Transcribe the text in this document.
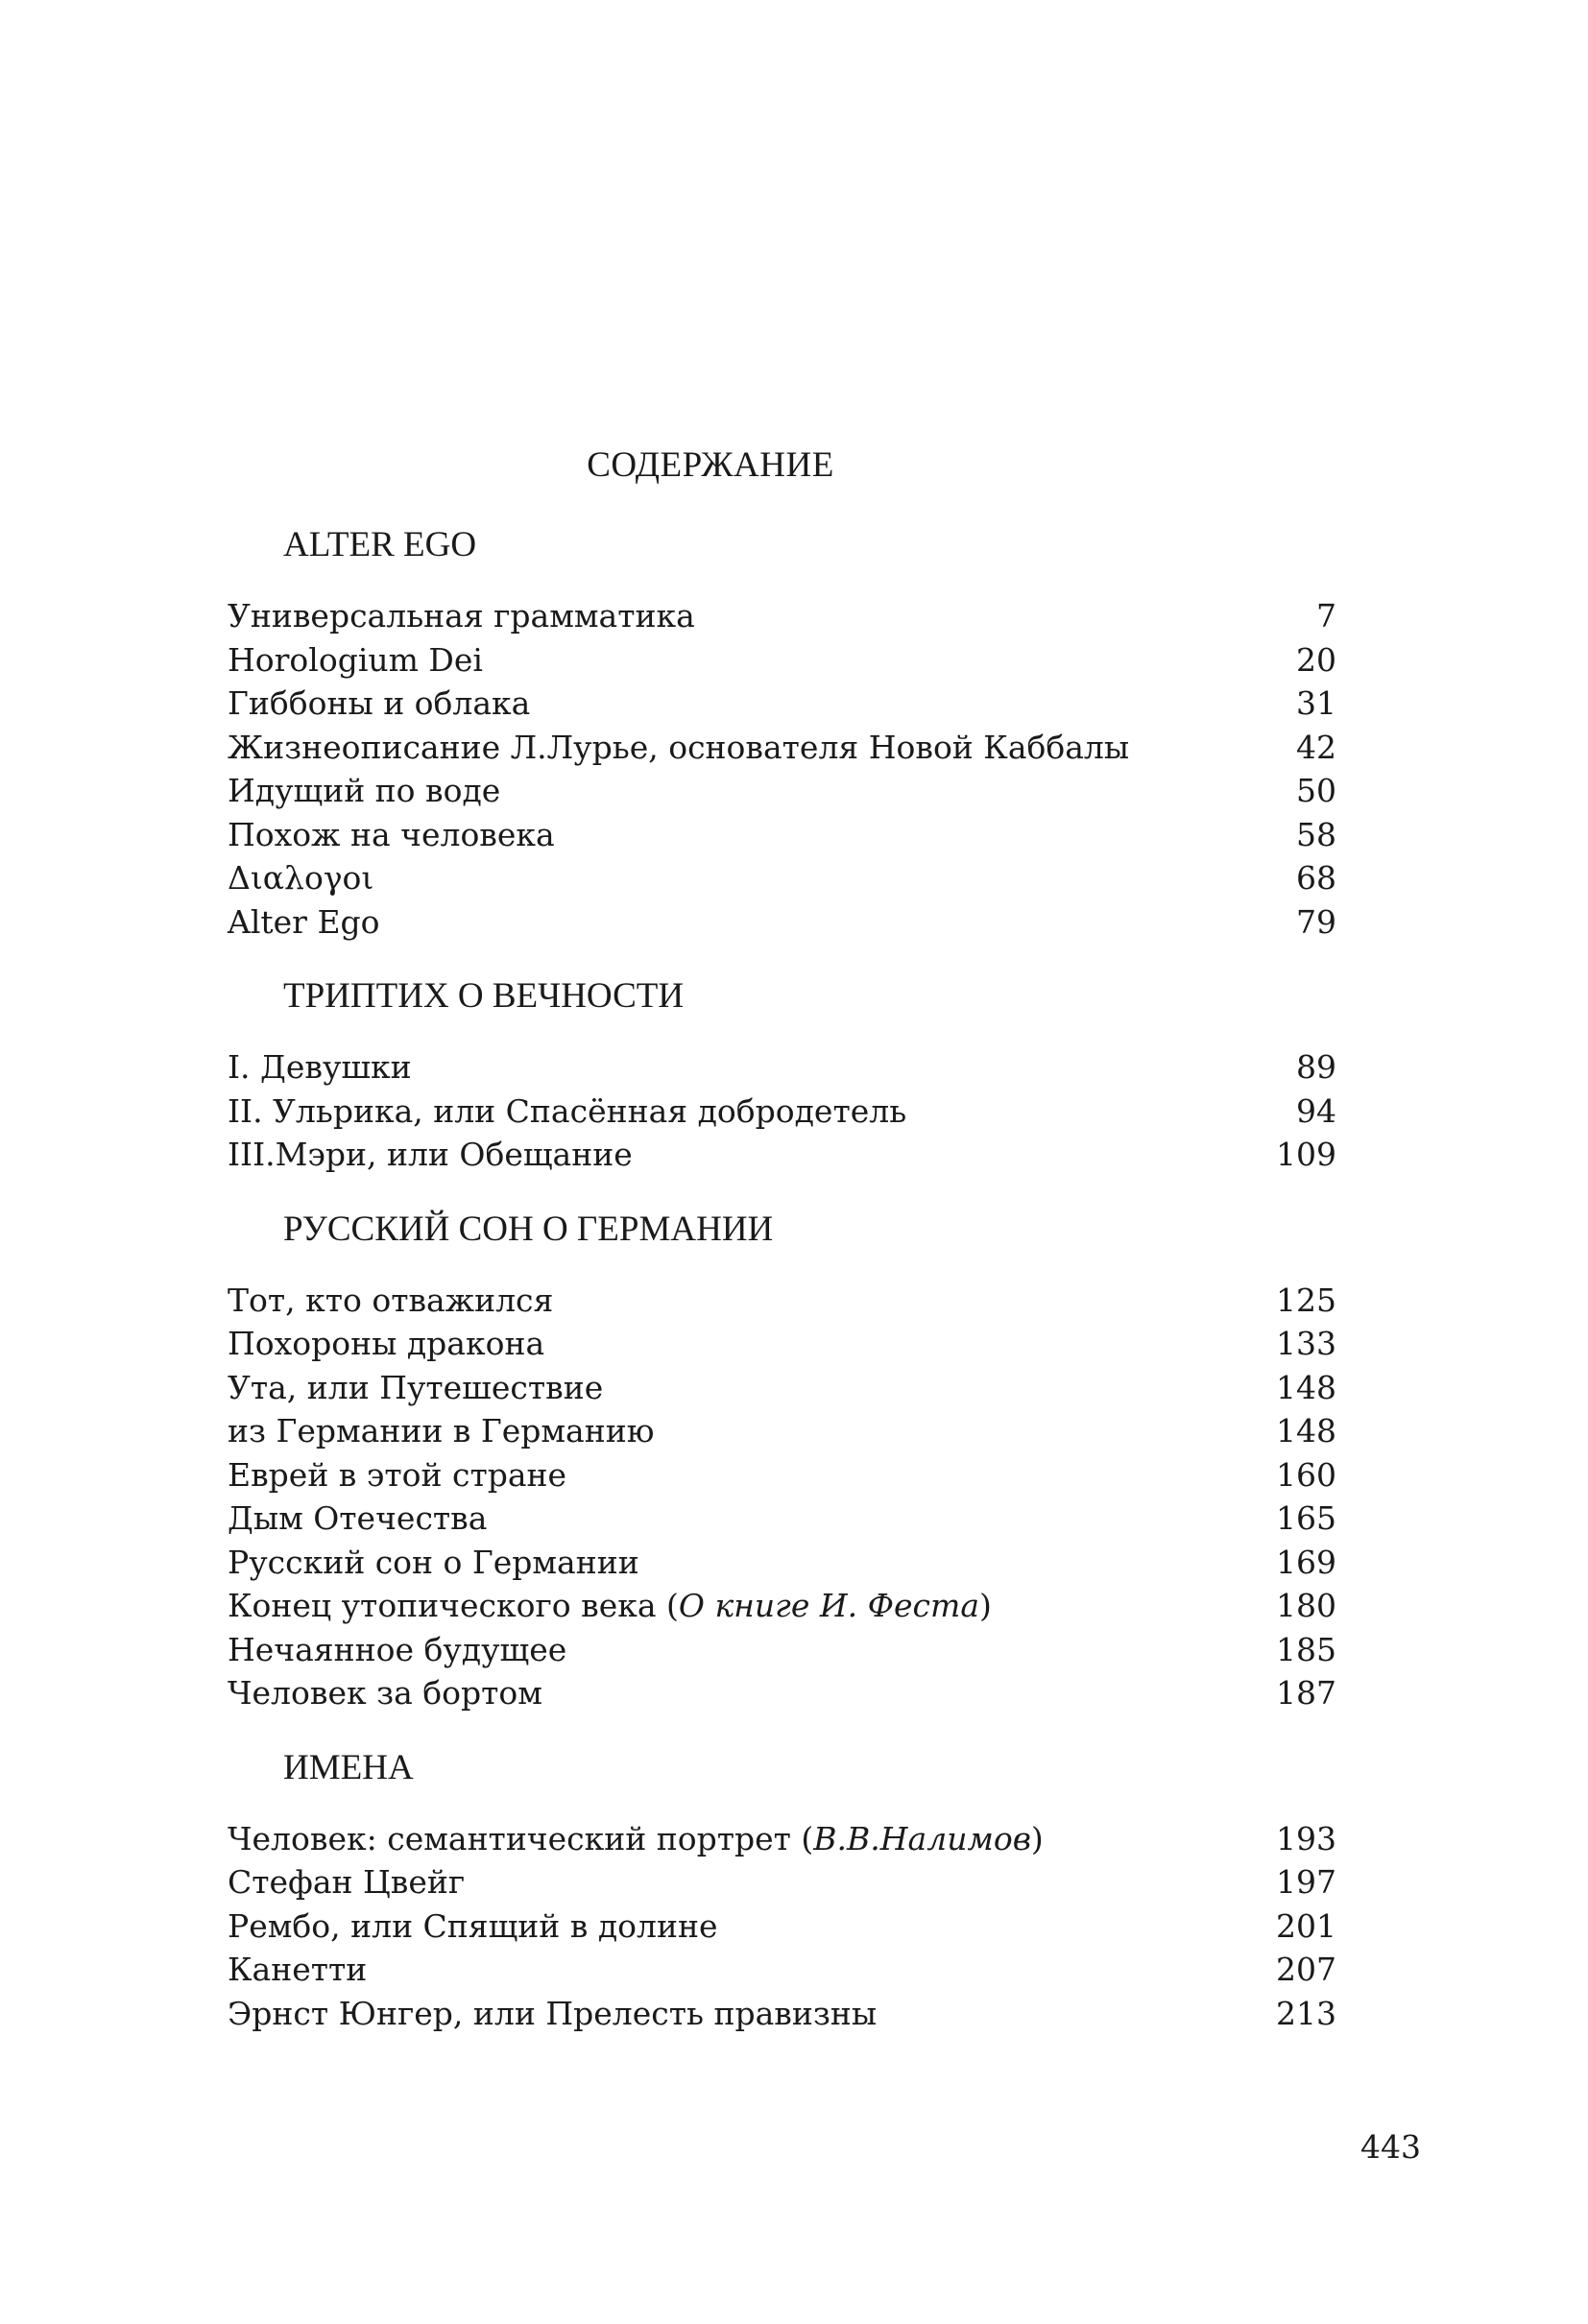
СОДЕРЖАНИЕ
ALTER EGO
Универсальная грамматика	7
Horologium Dei	20
Гиббоны и облака	31
Жизнеописание Л.Лурье, основателя Новой Каббалы	42
Идущий по воде	50
Похож на человека	58
Διαλογοι	68
Alter Ego	79
ТРИПТИХ О ВЕЧНОСТИ
I. Девушки	89
II. Ульрика, или Спасённая добродетель	94
III.Мэри, или Обещание	109
РУССКИЙ СОН О ГЕРМАНИИ
Тот, кто отважился	125
Похороны дракона	133
Ута, или Путешествие	148
из Германии в Германию	148
Еврей в этой стране	160
Дым Отечества	165
Русский сон о Германии	169
Конец утопического века (О книге И. Феста)	180
Нечаянное будущее	185
Человек за бортом	187
ИМЕНА
Человек: семантический портрет (В.В.Налимов)	193
Стефан Цвейг	197
Рембо, или Спящий в долине	201
Канетти	207
Эрнст Юнгер, или Прелесть правизны	213
443
